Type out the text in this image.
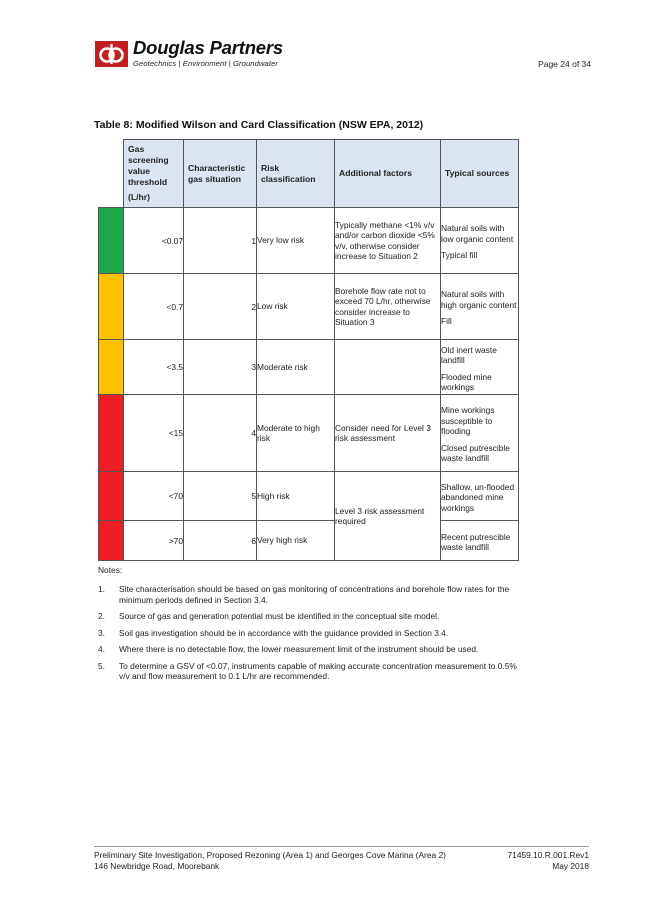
Douglas Partners
Geotechnics | Environment | Groundwater	Page 24 of 34
Table 8: Modified Wilson and Card Classification (NSW EPA, 2012)
	Gas screening value threshold
(L/hr)	Characteristic gas situation	Risk classification	Additional factors	Typical sources
	<0.07	1	Very low risk	Typically methane <1% v/v and/or carbon dioxide <5% v/v, otherwise consider increase to Situation 2	Natural soils with low organic content
Typical fill

	<0.7	2	Low risk	Borehole flow rate not to exceed 70 L/hr, otherwise consider increase to Situation 3	Natural soils with high organic content
Fill

	<3.5	3	Moderate risk		Old inert waste landfill
Flooded mine workings

	<15	4	Moderate to high risk	Consider need for Level 3 risk assessment	Mine workings susceptible to flooding
Closed putrescible waste landfill

	<70	5	High risk	Level 3 risk assessment required	Shallow, un-flooded abandoned mine workings

	>70	6	Very high risk		Recent putrescible waste landfill
Notes:
1. Site characterisation should be based on gas monitoring of concentrations and borehole flow rates for the minimum periods defined in Section 3.4.
2. Source of gas and generation potential must be identified in the conceptual site model.
3. Soil gas investigation should be in accordance with the guidance provided in Section 3.4.
4. Where there is no detectable flow, the lower measurement limit of the instrument should be used.
5. To determine a GSV of <0.07, instruments capable of making accurate concentration measurement to 0.5% v/v and flow measurement to 0.1 L/hr are recommended.
Preliminary Site Investigation, Proposed Rezoning (Area 1) and Georges Cove Marina (Area 2)
146 Newbridge Road, Moorebank
71459.10.R.001.Rev1
May 2018
